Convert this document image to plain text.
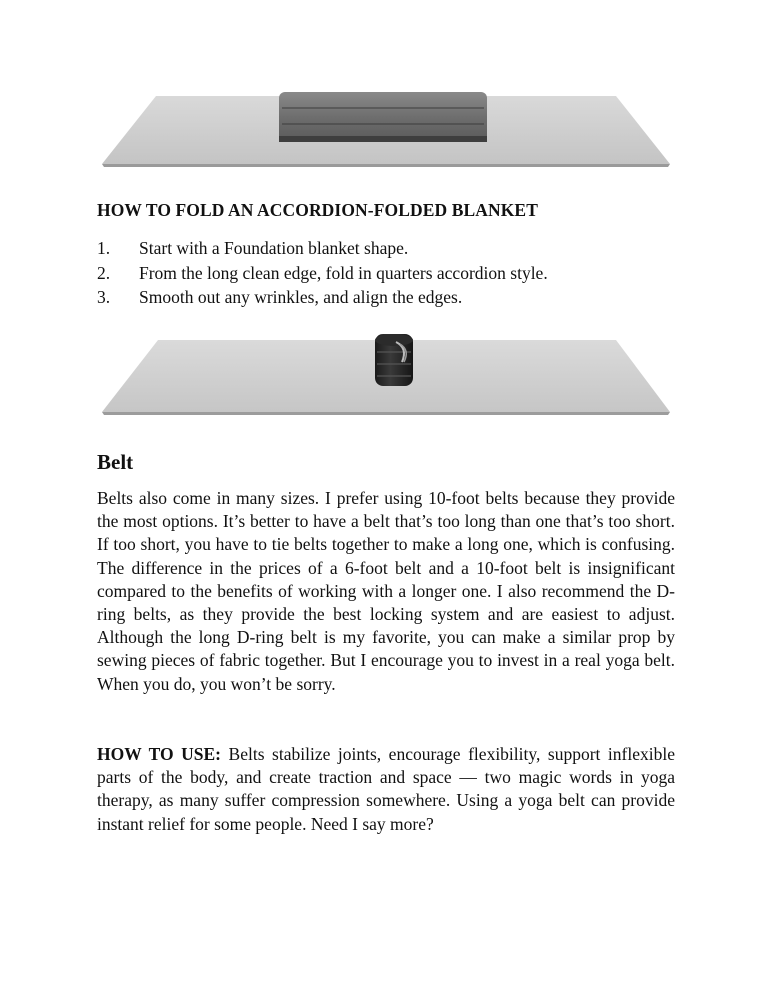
HOW TO FOLD AN ACCORDION-FOLDED BLANKET
1. Start with a Foundation blanket shape.
2. From the long clean edge, fold in quarters accordion style.
3. Smooth out any wrinkles, and align the edges.
Belt

Belts also come in many sizes. I prefer using 10-foot belts because they provide the most options. It’s better to have a belt that’s too long than one that’s too short. If too short, you have to tie belts together to make a long one, which is confusing. The difference in the prices of a 6-foot belt and a 10-foot belt is insignificant compared to the benefits of working with a longer one. I also recommend the D-ring belts, as they provide the best locking system and are easiest to adjust. Although the long D-ring belt is my favorite, you can make a similar prop by sewing pieces of fabric together. But I encourage you to invest in a real yoga belt. When you do, you won’t be sorry.

HOW TO USE: Belts stabilize joints, encourage flexibility, support inflexible parts of the body, and create traction and space — two magic words in yoga therapy, as many suffer compression somewhere. Using a yoga belt can provide instant relief for some people. Need I say more?
